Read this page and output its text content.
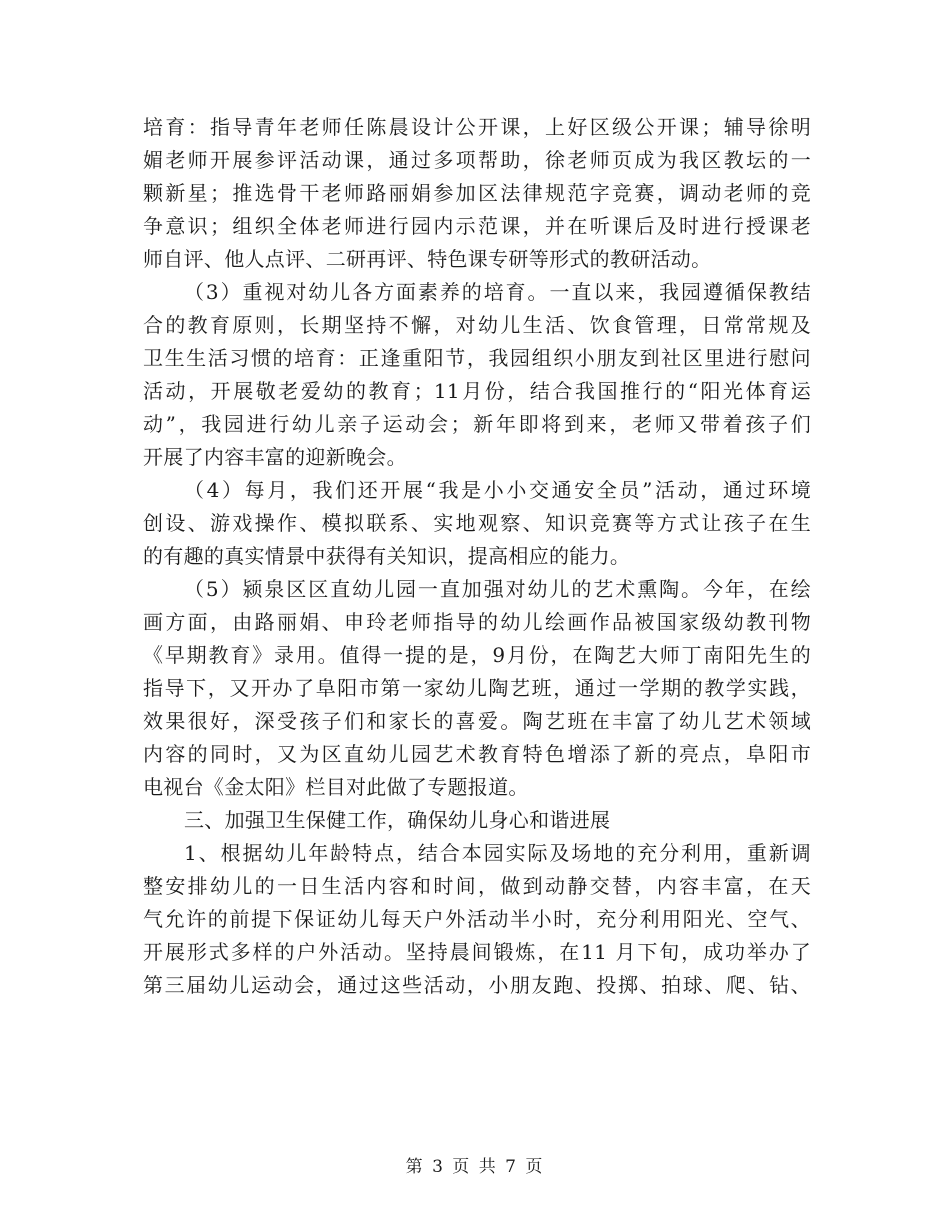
培育：指导青年老师任陈晨设计公开课，上好区级公开课；辅导徐明
媚老师开展参评活动课，通过多项帮助，徐老师页成为我区教坛的一
颗新星；推选骨干老师路丽娟参加区法律规范字竞赛，调动老师的竞
争意识；组织全体老师进行园内示范课，并在听课后及时进行授课老
师自评、他人点评、二研再评、特色课专研等形式的教研活动。
（3）重视对幼儿各方面素养的培育。一直以来，我园遵循保教结
合的教育原则，长期坚持不懈，对幼儿生活、饮食管理，日常常规及
卫生生活习惯的培育：正逢重阳节，我园组织小朋友到社区里进行慰问
活动，开展敬老爱幼的教育；11月份，结合我国推行的“阳光体育运
动”，我园进行幼儿亲子运动会；新年即将到来，老师又带着孩子们
开展了内容丰富的迎新晚会。
（4）每月，我们还开展“我是小小交通安全员”活动，通过环境
创设、游戏操作、模拟联系、实地观察、知识竞赛等方式让孩子在生
的有趣的真实情景中获得有关知识，提高相应的能力。
（5）颍泉区区直幼儿园一直加强对幼儿的艺术熏陶。今年，在绘
画方面，由路丽娟、申玲老师指导的幼儿绘画作品被国家级幼教刊物
《早期教育》录用。值得一提的是，9月份，在陶艺大师丁南阳先生的
指导下，又开办了阜阳市第一家幼儿陶艺班，通过一学期的教学实践，
效果很好，深受孩子们和家长的喜爱。陶艺班在丰富了幼儿艺术领域
内容的同时，又为区直幼儿园艺术教育特色增添了新的亮点，阜阳市
电视台《金太阳》栏目对此做了专题报道。
三、加强卫生保健工作，确保幼儿身心和谐进展
1、根据幼儿年龄特点，结合本园实际及场地的充分利用，重新调
整安排幼儿的一日生活内容和时间，做到动静交替，内容丰富，在天
气允许的前提下保证幼儿每天户外活动半小时，充分利用阳光、空气、
开展形式多样的户外活动。坚持晨间锻炼，在11 月下旬，成功举办了
第三届幼儿运动会，通过这些活动，小朋友跑、投掷、拍球、爬、钻、
第 3 页 共 7 页
